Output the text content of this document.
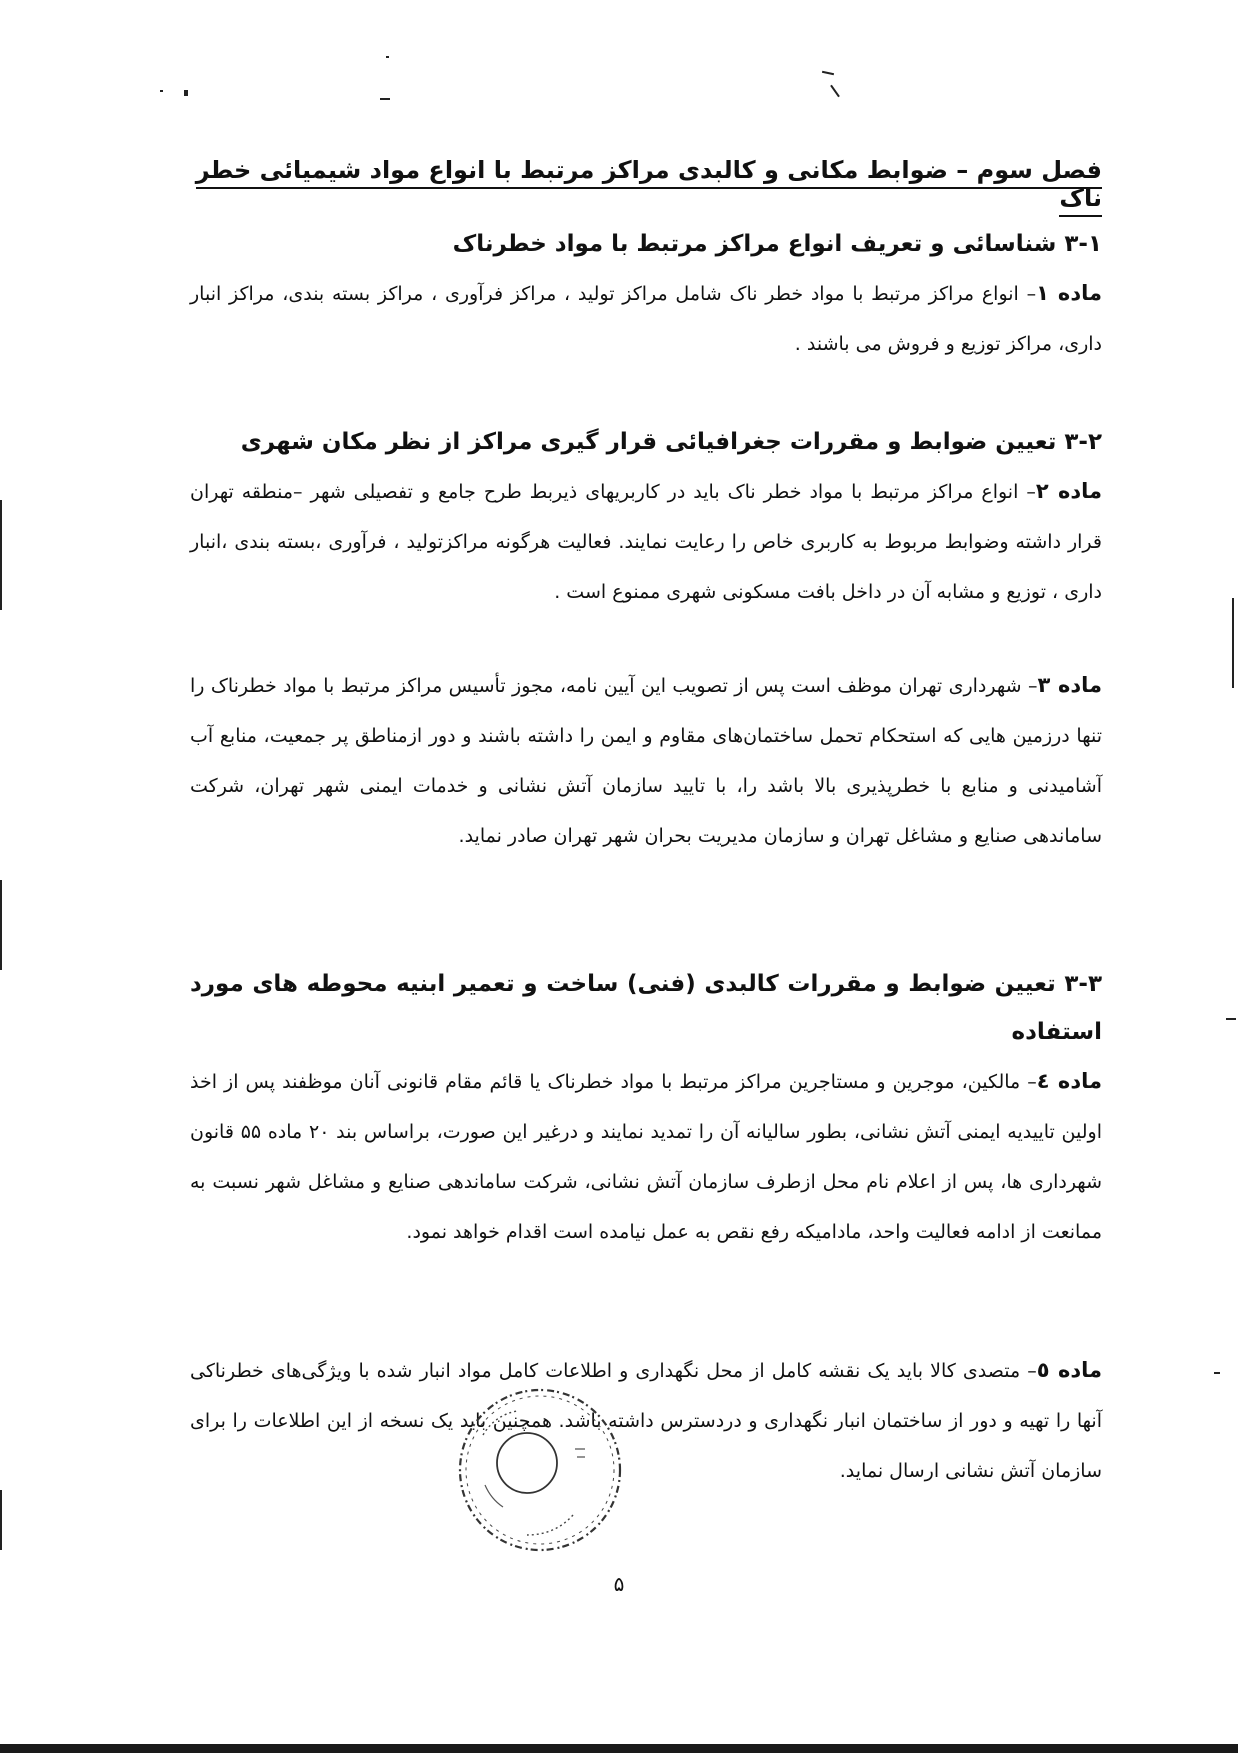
فصل سوم – ضوابط مکانی و کالبدی مراکز مرتبط با انواع مواد شیمیائی خطر ناک

۳-۱ شناسائی و تعریف انواع مراکز مرتبط با مواد خطرناک

ماده ۱– انواع مراکز مرتبط با مواد خطر ناک شامل مراکز تولید ، مراکز فرآوری ، مراکز بسته بندی، مراکز انبار داری، مراکز توزیع و فروش می باشند .

۳-۲ تعیین ضوابط و مقررات جغرافیائی قرار گیری مراکز از نظر مکان شهری

ماده ۲– انواع مراکز مرتبط با مواد خطر ناک باید در کاربریهای ذیربط طرح جامع و تفصیلی شهر –منطقه تهران قرار داشته وضوابط مربوط به کاربری خاص را رعایت نمایند. فعالیت هرگونه مراکزتولید ، فرآوری ،بسته بندی ،انبار داری ، توزیع و مشابه آن در داخل بافت مسکونی شهری ممنوع است .

ماده ۳– شهرداری تهران موظف است پس از تصویب این آیین نامه، مجوز تأسیس مراکز مرتبط با مواد خطرناک را تنها درزمین هایی که استحکام تحمل ساختمان‌های مقاوم و ایمن را داشته باشند و دور ازمناطق پر جمعیت، منابع آب آشامیدنی و منابع با خطرپذیری بالا باشد را، با تایید سازمان آتش نشانی و خدمات ایمنی شهر تهران، شرکت ساماندهی صنایع و مشاغل تهران و سازمان مدیریت بحران شهر تهران صادر نماید.

۳-۳ تعیین ضوابط و مقررات کالبدی (فنی) ساخت و تعمیر ابنیه محوطه های مورد استفاده

ماده ٤– مالکین، موجرین و مستاجرین مراکز مرتبط با مواد خطرناک یا قائم مقام قانونی آنان موظفند پس از اخذ اولین تاییدیه ایمنی آتش نشانی، بطور سالیانه آن را تمدید نمایند و درغیر این صورت، براساس بند ۲۰ ماده ۵۵ قانون شهرداری ها، پس از اعلام نام محل ازطرف سازمان آتش نشانی، شرکت ساماندهی صنایع و مشاغل شهر نسبت به ممانعت از ادامه فعالیت واحد، مادامیکه رفع نقص به عمل نیامده است اقدام خواهد نمود.

ماده ٥– متصدی کالا باید یک نقشه کامل از محل نگهداری و اطلاعات کامل مواد انبار شده با ویژگی‌های خطرناکی آنها را تهیه و دور از ساختمان انبار نگهداری و دردسترس داشته باشد. همچنین باید یک نسخه از این اطلاعات را برای سازمان آتش نشانی ارسال نماید.

۵
